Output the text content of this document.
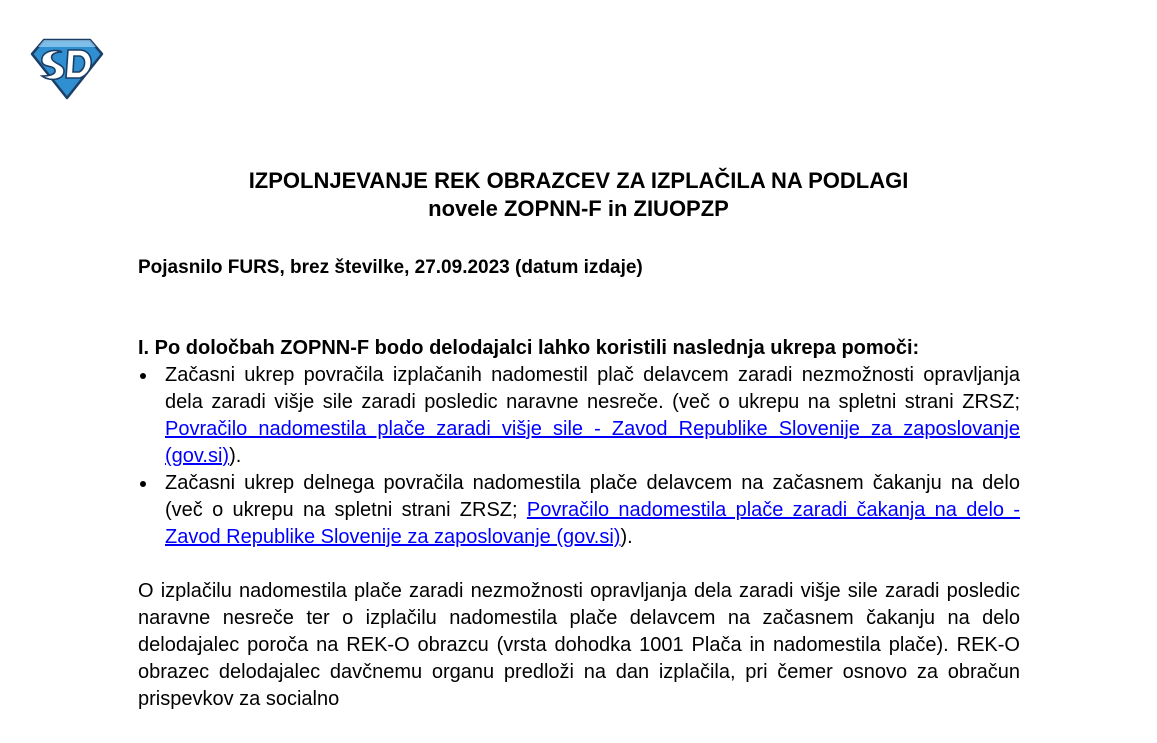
IZPOLNJEVANJE REK OBRAZCEV ZA IZPLAČILA NA PODLAGI
novele ZOPNN-F in ZIUOPZP
Pojasnilo FURS, brez številke, 27.09.2023 (datum izdaje)

I. Po določbah ZOPNN-F bodo delodajalci lahko koristili naslednja ukrepa pomoči:

Začasni ukrep povračila izplačanih nadomestil plač delavcem zaradi nezmožnosti opravljanja dela zaradi višje sile zaradi posledic naravne nesreče. (več o ukrepu na spletni strani ZRSZ; Povračilo nadomestila plače zaradi višje sile - Zavod Republike Slovenije za zaposlovanje (gov.si)).
Začasni ukrep delnega povračila nadomestila plače delavcem na začasnem čakanju na delo (več o ukrepu na spletni strani ZRSZ; Povračilo nadomestila plače zaradi čakanja na delo - Zavod Republike Slovenije za zaposlovanje (gov.si)).

O izplačilu nadomestila plače zaradi nezmožnosti opravljanja dela zaradi višje sile zaradi posledic naravne nesreče ter o izplačilu nadomestila plače delavcem na začasnem čakanju na delo delodajalec poroča na REK-O obrazcu (vrsta dohodka 1001 Plača in nadomestila plače). REK-O obrazec delodajalec davčnemu organu predloži na dan izplačila, pri čemer osnovo za obračun prispevkov za socialno
